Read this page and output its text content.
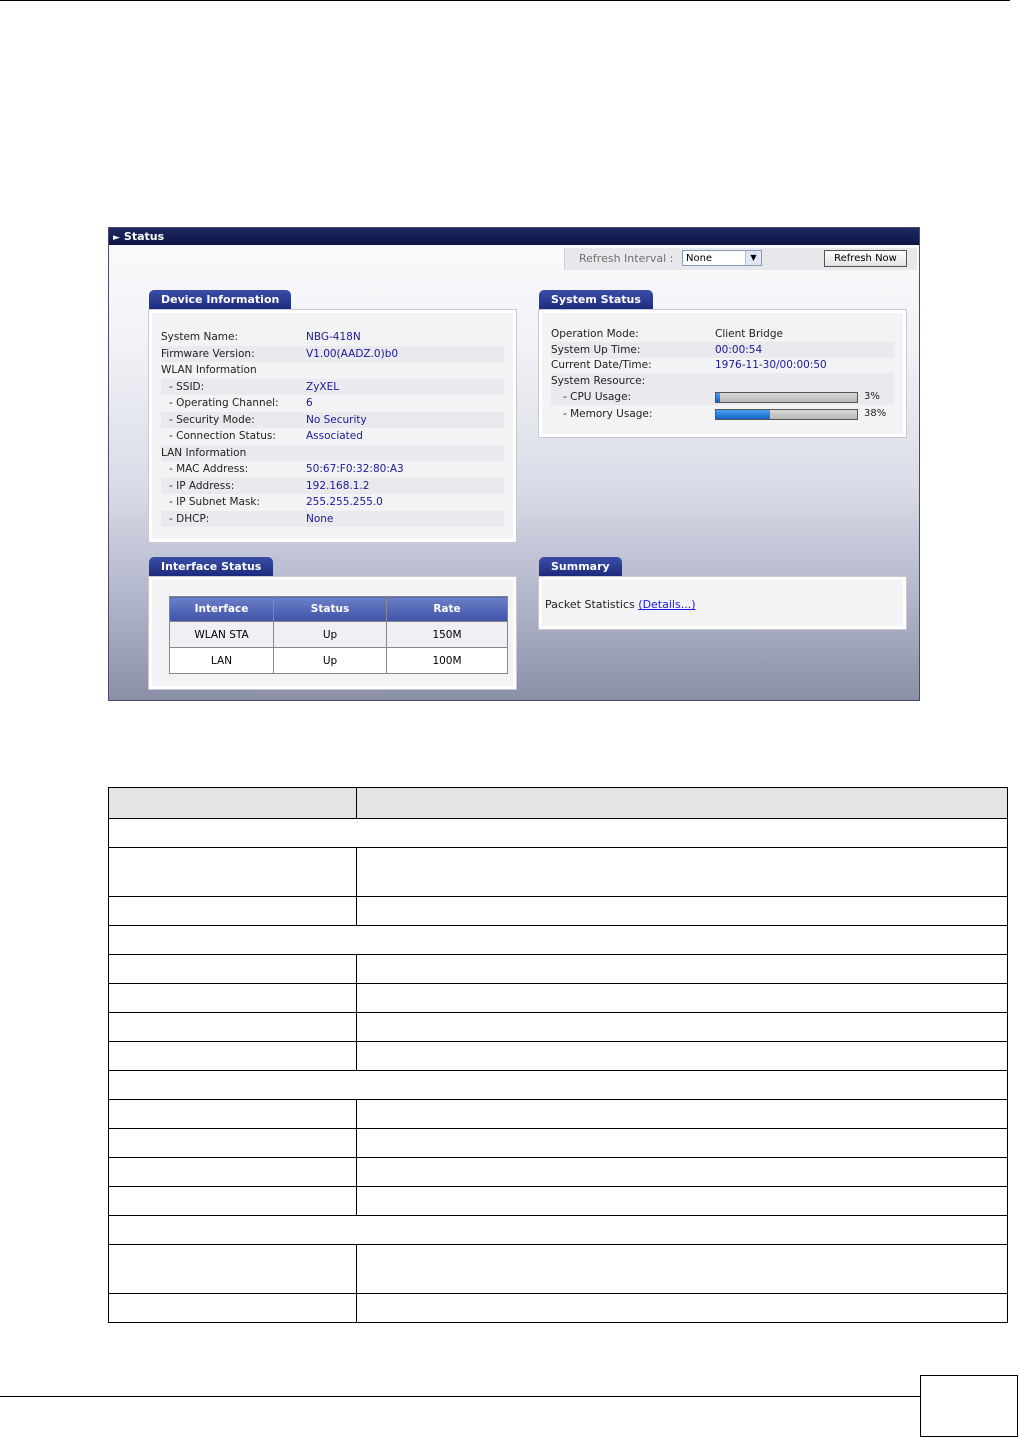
► Status
Refresh Interval :	None	▼	Refresh Now
Device Information
System Name:	NBG-418N
Firmware Version:	V1.00(AADZ.0)b0
WLAN Information
- SSID:	ZyXEL
- Operating Channel:	6
- Security Mode:	No Security
- Connection Status:	Associated
LAN Information
- MAC Address:	50:67:F0:32:80:A3
- IP Address:	192.168.1.2
- IP Subnet Mask:	255.255.255.0
- DHCP:	None
System Status
Operation Mode:	Client Bridge
System Up Time:	00:00:54
Current Date/Time:	1976-11-30/00:00:50
System Resource:
- CPU Usage:	3%
- Memory Usage:	38%
Interface Status
Interface	Status	Rate
WLAN STA	Up	150M
LAN	Up	100M
Summary
Packet Statistics (Details...)
